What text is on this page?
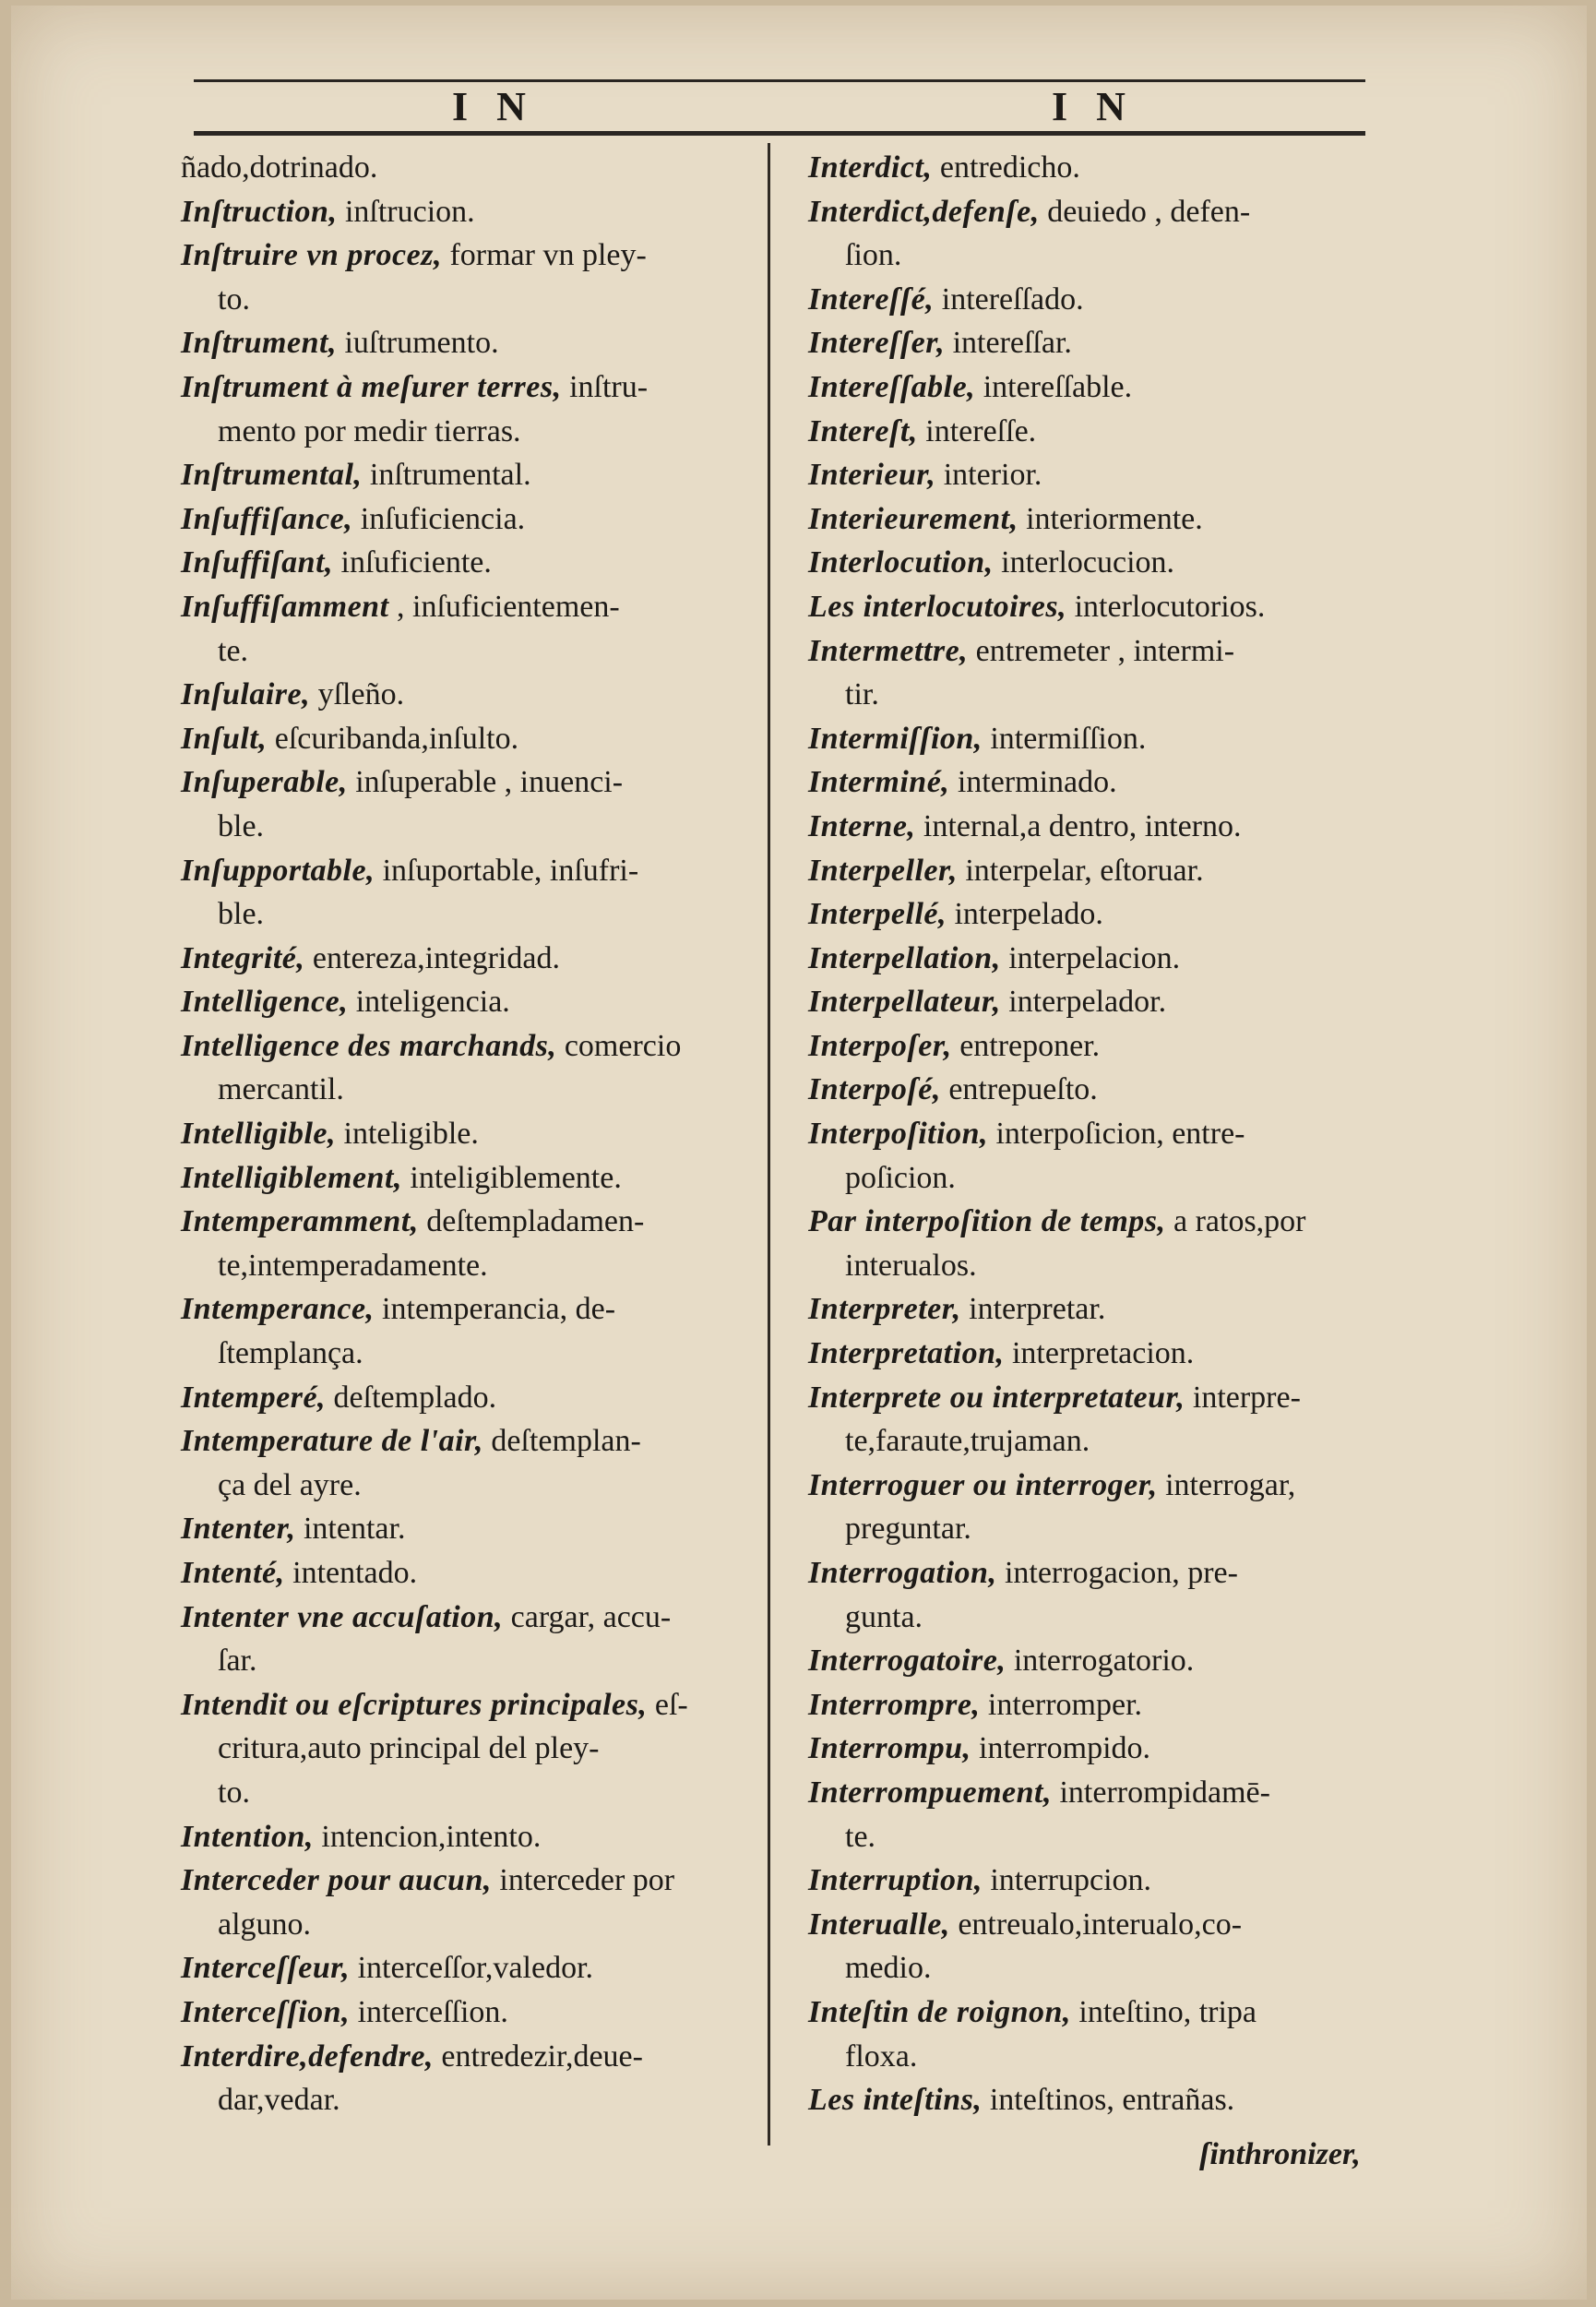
I N	I N
ñado,dotrinado.
Inſtruction, inſtrucion.
Inſtruire vn procez, formar vn pley-
to.
Inſtrument, iuſtrumento.
Inſtrument à meſurer terres, inſtru-
mento por medir tierras.
Inſtrumental, inſtrumental.
Inſuffiſance, inſuficiencia.
Inſuffiſant, inſuficiente.
Inſuffiſamment , inſuficientemen-
te.
Inſulaire, yſleño.
Inſult, eſcuribanda,inſulto.
Inſuperable, inſuperable , inuenci-
ble.
Inſupportable, inſuportable, inſufri-
ble.
Integrité, entereza,integridad.
Intelligence, inteligencia.
Intelligence des marchands, comercio
mercantil.
Intelligible, inteligible.
Intelligiblement, inteligiblemente.
Intemperamment, deſtempladamen-
te,intemperadamente.
Intemperance, intemperancia, de-
ſtemplança.
Intemperé, deſtemplado.
Intemperature de l'air, deſtemplan-
ça del ayre.
Intenter, intentar.
Intenté, intentado.
Intenter vne accuſation, cargar, accu-
ſar.
Intendit ou eſcriptures principales, eſ-
critura,auto principal del pley-
to.
Intention, intencion,intento.
Interceder pour aucun, interceder por
alguno.
Interceſſeur, interceſſor,valedor.
Interceſſion, interceſſion.
Interdire,defendre, entredezir,deue-
dar,vedar.
Interdict, entredicho.
Interdict,defenſe, deuiedo , defen-
ſion.
Intereſſé, intereſſado.
Intereſſer, intereſſar.
Intereſſable, intereſſable.
Intereſt, intereſſe.
Interieur, interior.
Interieurement, interiormente.
Interlocution, interlocucion.
Les interlocutoires, interlocutorios.
Intermettre, entremeter , intermi-
tir.
Intermiſſion, intermiſſion.
Interminé, interminado.
Interne, internal,a dentro, interno.
Interpeller, interpelar, eſtoruar.
Interpellé, interpelado.
Interpellation, interpelacion.
Interpellateur, interpelador.
Interpoſer, entreponer.
Interpoſé, entrepueſto.
Interpoſition, interpoſicion, entre-
poſicion.
Par interpoſition de temps, a ratos,por
interualos.
Interpreter, interpretar.
Interpretation, interpretacion.
Interprete ou interpretateur, interpre-
te,faraute,trujaman.
Interroguer ou interroger, interrogar,
preguntar.
Interrogation, interrogacion, pre-
gunta.
Interrogatoire, interrogatorio.
Interrompre, interromper.
Interrompu, interrompido.
Interrompuement, interrompidamē-
te.
Interruption, interrupcion.
Interualle, entreualo,interualo,co-
medio.
Inteſtin de roignon, inteſtino, tripa
floxa.
Les inteſtins, inteſtinos, entrañas.
ſinthronizer,
